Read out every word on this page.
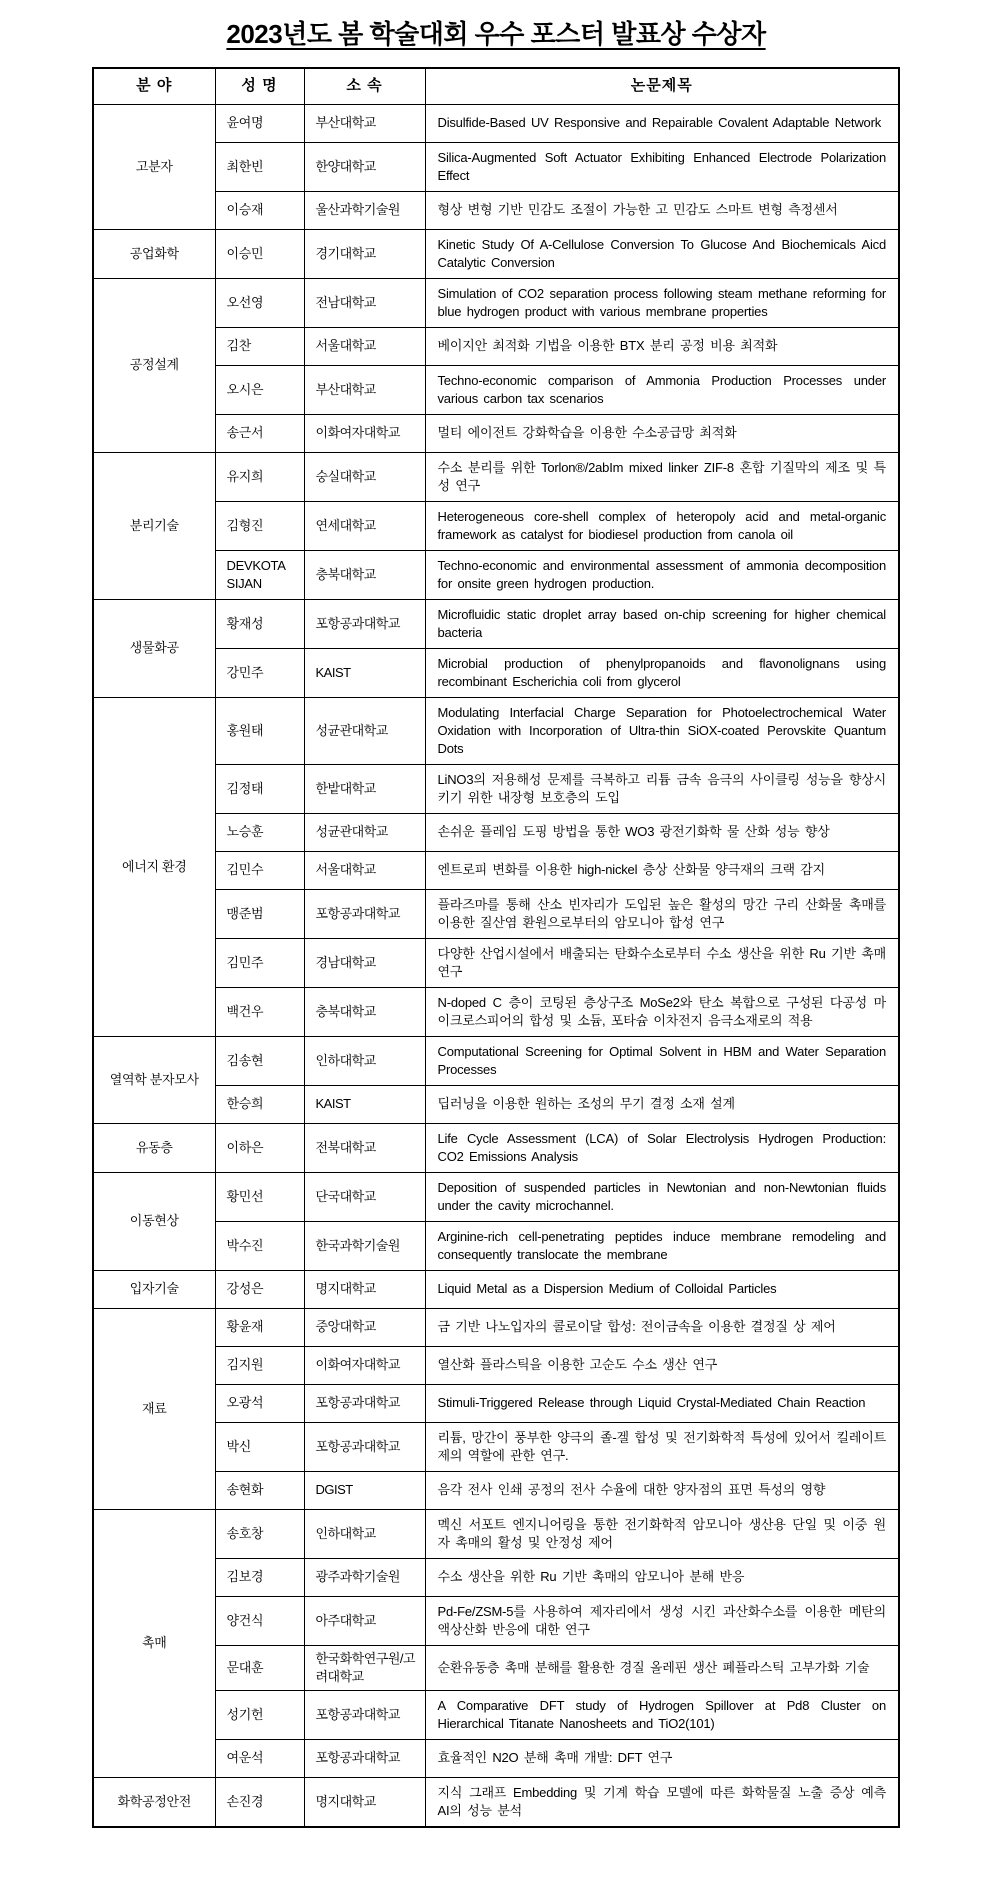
2023년도 봄 학술대회 우수 포스터 발표상 수상자
분 야	성 명	소 속	논문제목
고분자	윤여명	부산대학교	Disulfide-Based UV Responsive and Repairable Covalent Adaptable Network
	최한빈	한양대학교	Silica-Augmented Soft Actuator Exhibiting Enhanced Electrode Polarization Effect
	이승재	울산과학기술원	형상 변형 기반 민감도 조절이 가능한 고 민감도 스마트 변형 측정센서
공업화학	이승민	경기대학교	Kinetic Study Of A-Cellulose Conversion To Glucose And Biochemicals Aicd Catalytic Conversion
공정설계	오선영	전남대학교	Simulation of CO2 separation process following steam methane reforming for blue hydrogen product with various membrane properties
	김찬	서울대학교	베이지안 최적화 기법을 이용한 BTX 분리 공정 비용 최적화
	오시은	부산대학교	Techno-economic comparison of Ammonia Production Processes under various carbon tax scenarios
	송근서	이화여자대학교	멀티 에이전트 강화학습을 이용한 수소공급망 최적화
분리기술	유지희	숭실대학교	수소 분리를 위한 Torlon®/2abIm mixed linker ZIF-8 혼합 기질막의 제조 및 특성 연구
	김형진	연세대학교	Heterogeneous core-shell complex of heteropoly acid and metal-organic framework as catalyst for biodiesel production from canola oil
	DEVKOTA SIJAN	충북대학교	Techno-economic and environmental assessment of ammonia decomposition for onsite green hydrogen production.
생물화공	황재성	포항공과대학교	Microfluidic static droplet array based on-chip screening for higher chemical bacteria
	강민주	KAIST	Microbial production of phenylpropanoids and flavonolignans using recombinant Escherichia coli from glycerol
에너지 환경	홍원태	성균관대학교	Modulating Interfacial Charge Separation for Photoelectrochemical Water Oxidation with Incorporation of Ultra-thin SiOX-coated Perovskite Quantum Dots
	김정태	한밭대학교	LiNO3의 저용해성 문제를 극복하고 리튬 금속 음극의 사이클링 성능을 향상시키기 위한 내장형 보호층의 도입
	노승훈	성균관대학교	손쉬운 플레임 도핑 방법을 통한 WO3 광전기화학 물 산화 성능 향상
	김민수	서울대학교	엔트로피 변화를 이용한 high-nickel 층상 산화물 양극재의 크랙 감지
	맹준범	포항공과대학교	플라즈마를 통해 산소 빈자리가 도입된 높은 활성의 망간 구리 산화물 촉매를 이용한 질산염 환원으로부터의 암모니아 합성 연구
	김민주	경남대학교	다양한 산업시설에서 배출되는 탄화수소로부터 수소 생산을 위한 Ru 기반 촉매 연구
	백건우	충북대학교	N-doped C 층이 코팅된 층상구조 MoSe2와 탄소 복합으로 구성된 다공성 마이크로스피어의 합성 및 소듐, 포타슘 이차전지 음극소재로의 적용
열역학 분자모사	김송현	인하대학교	Computational Screening for Optimal Solvent in HBM and Water Separation Processes
	한승희	KAIST	딥러닝을 이용한 원하는 조성의 무기 결정 소재 설계
유동층	이하은	전북대학교	Life Cycle Assessment (LCA) of Solar Electrolysis Hydrogen Production: CO2 Emissions Analysis
이동현상	황민선	단국대학교	Deposition of suspended particles in Newtonian and non-Newtonian fluids under the cavity microchannel.
	박수진	한국과학기술원	Arginine-rich cell-penetrating peptides induce membrane remodeling and consequently translocate the membrane
입자기술	강성은	명지대학교	Liquid Metal as a Dispersion Medium of Colloidal Particles
재료	황윤재	중앙대학교	금 기반 나노입자의 콜로이달 합성: 전이금속을 이용한 결정질 상 제어
	김지원	이화여자대학교	열산화 플라스틱을 이용한 고순도 수소 생산 연구
	오광석	포항공과대학교	Stimuli-Triggered Release through Liquid Crystal-Mediated Chain Reaction
	박신	포항공과대학교	리튬, 망간이 풍부한 양극의 졸-겔 합성 및 전기화학적 특성에 있어서 킬레이트제의 역할에 관한 연구.
	송현화	DGIST	음각 전사 인쇄 공정의 전사 수율에 대한 양자점의 표면 특성의 영향
촉매	송호창	인하대학교	멕신 서포트 엔지니어링을 통한 전기화학적 암모니아 생산용 단일 및 이중 원자 촉매의 활성 및 안정성 제어
	김보경	광주과학기술원	수소 생산을 위한 Ru 기반 촉매의 암모니아 분해 반응
	양건식	아주대학교	Pd-Fe/ZSM-5를 사용하여 제자리에서 생성 시킨 과산화수소를 이용한 메탄의 액상산화 반응에 대한 연구
	문대훈	한국화학연구원/고려대학교	순환유동층 촉매 분해를 활용한 경질 올레핀 생산 폐플라스틱 고부가화 기술
	성기헌	포항공과대학교	A Comparative DFT study of Hydrogen Spillover at Pd8 Cluster on Hierarchical Titanate Nanosheets and TiO2(101)
	여운석	포항공과대학교	효율적인 N2O 분해 촉매 개발: DFT 연구
화학공정안전	손진경	명지대학교	지식 그래프 Embedding 및 기계 학습 모델에 따른 화학물질 노출 증상 예측 AI의 성능 분석
